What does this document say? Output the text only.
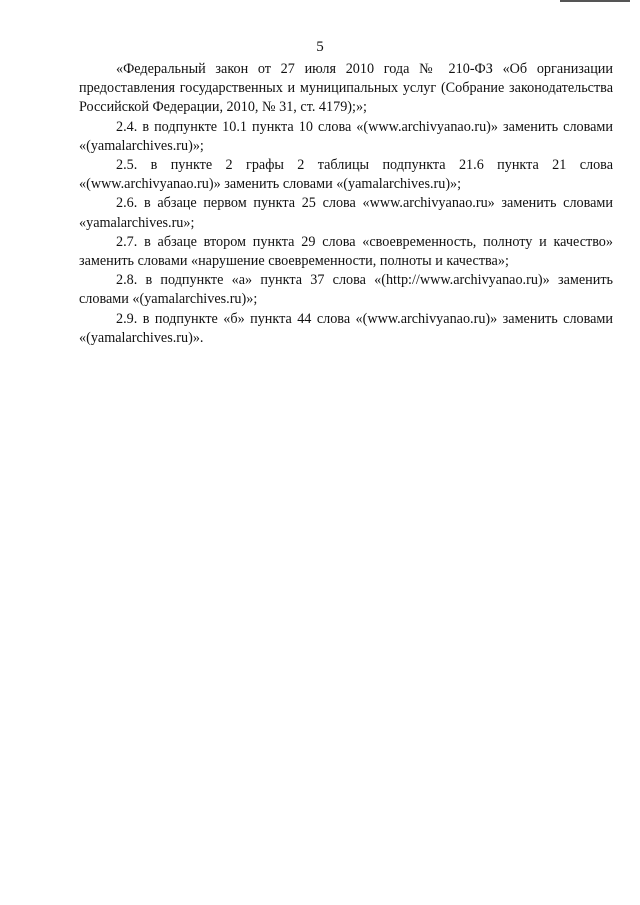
5

«Федеральный закон от 27 июля 2010 года № 210-ФЗ «Об организации предоставления государственных и муниципальных услуг (Собрание законодательства Российской Федерации, 2010, № 31, ст. 4179);»;

2.4. в подпункте 10.1 пункта 10 слова «(www.archivyanao.ru)» заменить словами «(yamalarchives.ru)»;

2.5. в пункте 2 графы 2 таблицы подпункта 21.6 пункта 21 слова «(www.archivyanao.ru)» заменить словами «(yamalarchives.ru)»;

2.6. в абзаце первом пункта 25 слова «www.archivyanao.ru» заменить словами «yamalarchives.ru»;

2.7. в абзаце втором пункта 29 слова «своевременность, полноту и качество» заменить словами «нарушение своевременности, полноты и качества»;

2.8. в подпункте «а» пункта 37 слова «(http://www.archivyanao.ru)» заменить словами «(yamalarchives.ru)»;

2.9. в подпункте «б» пункта 44 слова «(www.archivyanao.ru)» заменить словами «(yamalarchives.ru)».
